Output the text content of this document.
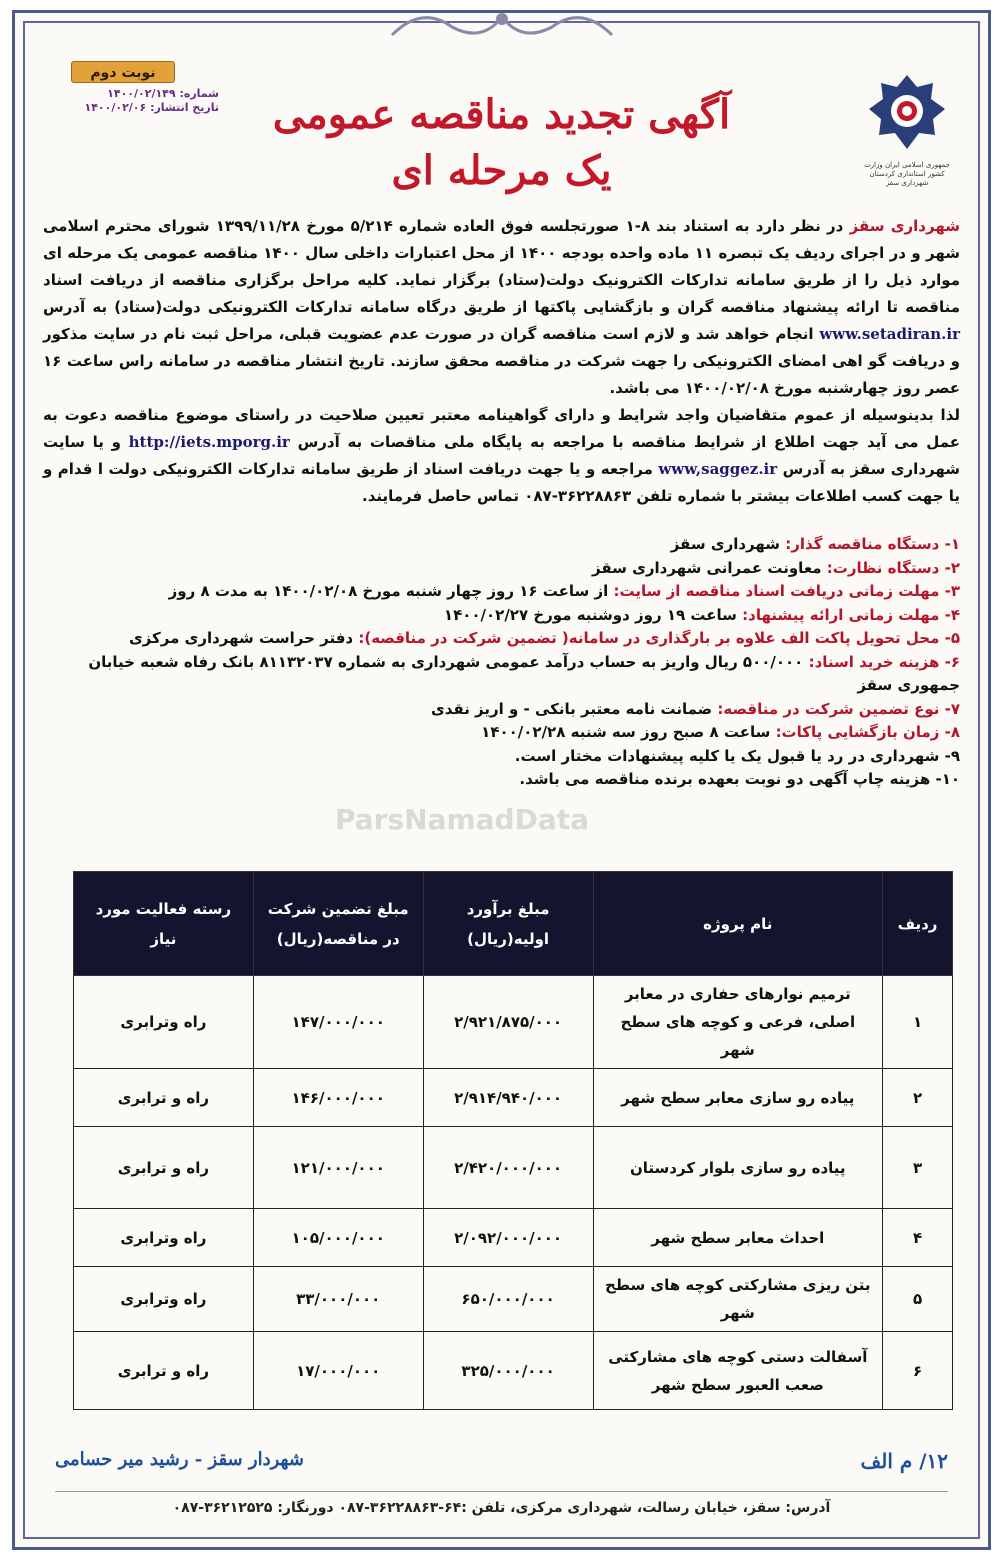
جمهوری اسلامی ایران وزارت کشور استانداری کردستان شهرداری سقز
نوبت دوم
شماره: ۱۴۰۰/۰۲/۱۴۹
تاریخ انتشار: ۱۴۰۰/۰۲/۰۶	آگهی تجدید مناقصه عمومی
یک مرحله ای

شهرداری سقز در نظر دارد به استناد بند ۸-۱ صورتجلسه فوق العاده شماره ۵/۲۱۴ مورخ ۱۳۹۹/۱۱/۲۸ شورای محترم اسلامی شهر و در اجرای ردیف یک تبصره ۱۱ ماده واحده بودجه ۱۴۰۰ از محل اعتبارات داخلی سال ۱۴۰۰ مناقصه عمومی یک مرحله ای موارد ذیل را از طریق سامانه تدارکات الکترونیک دولت(ستاد) برگزار نماید. کلیه مراحل برگزاری مناقصه از دریافت اسناد مناقصه تا ارائه پیشنهاد مناقصه گران و بازگشایی پاکتها از طریق درگاه سامانه تدارکات الکترونیکی دولت(ستاد) به آدرس www.setadiran.ir انجام خواهد شد و لازم است مناقصه گران در صورت عدم عضویت قبلی، مراحل ثبت نام در سایت مذکور و دریافت گو اهی امضای الکترونیکی را جهت شرکت در مناقصه محقق سازند. تاریخ انتشار مناقصه در سامانه راس ساعت ۱۶ عصر روز چهارشنبه مورخ ۱۴۰۰/۰۲/۰۸ می باشد.

لذا بدینوسیله از عموم متقاضیان واجد شرایط و دارای گواهینامه معتبر تعیین صلاحیت در راستای موضوع مناقصه دعوت به عمل می آید جهت اطلاع از شرایط مناقصه با مراجعه به پایگاه ملی مناقصات به آدرس http://iets.mporg.ir و یا سایت شهرداری سقز به آدرس www,saggez.ir مراجعه و یا جهت دریافت اسناد از طریق سامانه تدارکات الکترونیکی دولت ا قدام و یا جهت کسب اطلاعات بیشتر با شماره تلفن ۳۶۲۲۸۸۶۳-۰۸۷ تماس حاصل فرمایند.

۱- دستگاه مناقصه گذار: شهرداری سقز
۲- دستگاه نظارت: معاونت عمرانی شهرداری سقز
۳- مهلت زمانی دریافت اسناد مناقصه از سایت: از ساعت ۱۶ روز چهار شنبه مورخ ۱۴۰۰/۰۲/۰۸ به مدت ۸ روز
۴- مهلت زمانی ارائه پیشنهاد: ساعت ۱۹ روز دوشنبه مورخ ۱۴۰۰/۰۲/۲۷
۵- محل تحویل پاکت الف علاوه بر بارگذاری در سامانه( تضمین شرکت در مناقصه): دفتر حراست شهرداری مرکزی
۶- هزینه خرید اسناد: ۵۰۰/۰۰۰ ریال واریز به حساب درآمد عمومی شهرداری به شماره ۸۱۱۳۲۰۳۷ بانک رفاه شعبه خیابان
جمهوری سقز
۷- نوع تضمین شرکت در مناقصه: ضمانت نامه معتبر بانکی - و اریز نقدی
۸- زمان بازگشایی پاکات: ساعت ۸ صبح روز سه شنبه ۱۴۰۰/۰۲/۲۸
۹- شهرداری در رد یا قبول یک یا کلیه پیشنهادات مختار است.
۱۰- هزینه چاپ آگهی دو نوبت بعهده برنده مناقصه می باشد.
ParsNamadData
ردیف	نام پروژه	مبلغ برآورد اولیه(ریال)	مبلغ تضمین شرکت در مناقصه(ریال)	رسته فعالیت مورد نیاز
۱	ترمیم نوارهای حفاری در معابر اصلی، فرعی و کوچه های سطح شهر	۲/۹۲۱/۸۷۵/۰۰۰	۱۴۷/۰۰۰/۰۰۰	راه وترابری
۲	پیاده رو سازی معابر سطح شهر	۲/۹۱۴/۹۴۰/۰۰۰	۱۴۶/۰۰۰/۰۰۰	راه و ترابری
۳	پیاده رو سازی بلوار کردستان	۲/۴۲۰/۰۰۰/۰۰۰	۱۲۱/۰۰۰/۰۰۰	راه و ترابری
۴	احداث معابر سطح شهر	۲/۰۹۲/۰۰۰/۰۰۰	۱۰۵/۰۰۰/۰۰۰	راه وترابری
۵	بتن ریزی مشارکتی کوچه های سطح شهر	۶۵۰/۰۰۰/۰۰۰	۳۳/۰۰۰/۰۰۰	راه وترابری
۶	آسفالت دستی کوچه های مشارکتی صعب العبور سطح شهر	۳۲۵/۰۰۰/۰۰۰	۱۷/۰۰۰/۰۰۰	راه و ترابری
۱۲/ م الف
شهردار سقز - رشید میر حسامی
آدرس: سقز، خیابان رسالت، شهرداری مرکزی، تلفن :۶۴-۳۶۲۲۸۸۶۳-۰۸۷ دورنگار: ۳۶۲۱۲۵۲۵-۰۸۷
